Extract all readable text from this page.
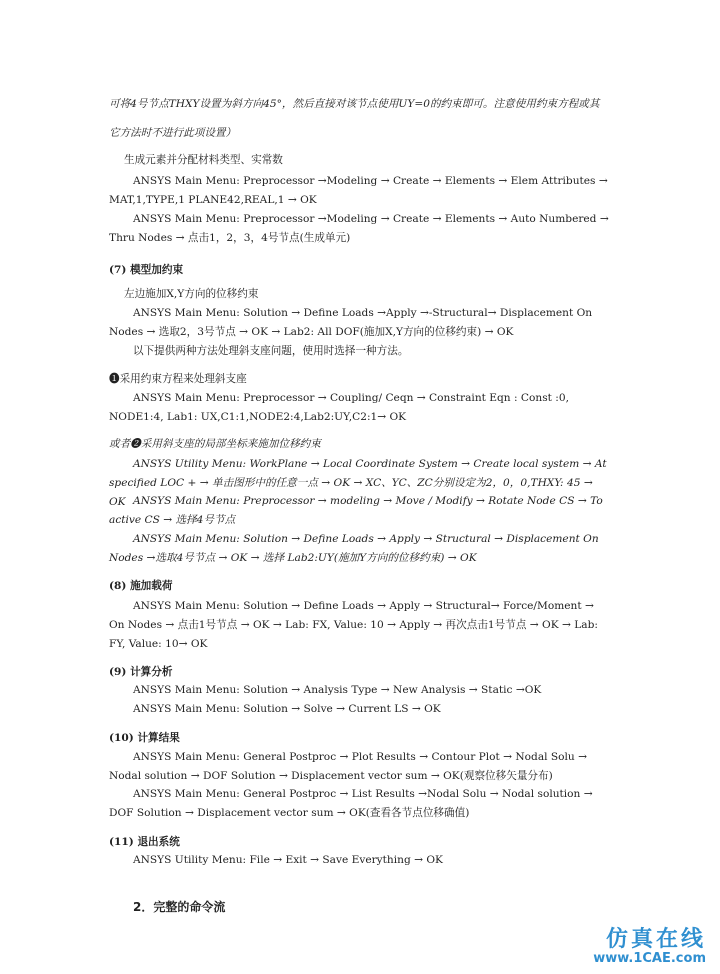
可将4号节点THXY设置为斜方向45°，然后直接对该节点使用UY=0的约束即可。注意使用约束方程或其

它方法时不进行此项设置）

生成元素并分配材料类型、实常数

ANSYS Main Menu: Preprocessor →Modeling → Create → Elements → Elem Attributes → MAT,1,TYPE,1 PLANE42,REAL,1 → OK

ANSYS Main Menu: Preprocessor →Modeling → Create → Elements → Auto Numbered → Thru Nodes → 点击1，2，3，4号节点(生成单元)

(7) 模型加约束

左边施加X,Y方向的位移约束

ANSYS Main Menu: Solution → Define Loads →Apply →-Structural→ Displacement On Nodes → 选取2，3号节点 → OK → Lab2: All DOF(施加X,Y方向的位移约束) → OK

以下提供两种方法处理斜支座问题，使用时选择一种方法。

❶采用约束方程来处理斜支座

ANSYS Main Menu: Preprocessor → Coupling/ Ceqn → Constraint Eqn : Const :0, NODE1:4, Lab1: UX,C1:1,NODE2:4,Lab2:UY,C2:1→ OK

或者❷采用斜支座的局部坐标来施加位移约束

ANSYS Utility Menu: WorkPlane → Local Coordinate System → Create local system → At specified LOC + → 单击图形中的任意一点 → OK → XC、YC、ZC分别设定为2，0，0,THXY: 45 → OK ANSYS Main Menu: Preprocessor → modeling → Move / Modify → Rotate Node CS → To active CS → 选择4号节点

ANSYS Main Menu: Solution → Define Loads → Apply → Structural → Displacement On Nodes →选取4号节点 → OK → 选择 Lab2:UY(施加Y方向的位移约束) → OK

(8) 施加载荷

ANSYS Main Menu: Solution → Define Loads → Apply → Structural→ Force/Moment → On Nodes → 点击1号节点 → OK → Lab: FX, Value: 10 → Apply → 再次点击1号节点 → OK → Lab: FY, Value: 10→ OK

(9) 计算分析

ANSYS Main Menu: Solution → Analysis Type → New Analysis → Static →OK

ANSYS Main Menu: Solution → Solve → Current LS → OK

(10) 计算结果

ANSYS Main Menu: General Postproc → Plot Results → Contour Plot → Nodal Solu → Nodal solution → DOF Solution → Displacement vector sum → OK(观察位移矢量分布)

ANSYS Main Menu: General Postproc → List Results →Nodal Solu → Nodal solution → DOF Solution → Displacement vector sum → OK(查看各节点位移确值)

(11) 退出系统

ANSYS Utility Menu: File → Exit → Save Everything → OK

2．完整的命令流
仿真在线
www.1CAE.com
